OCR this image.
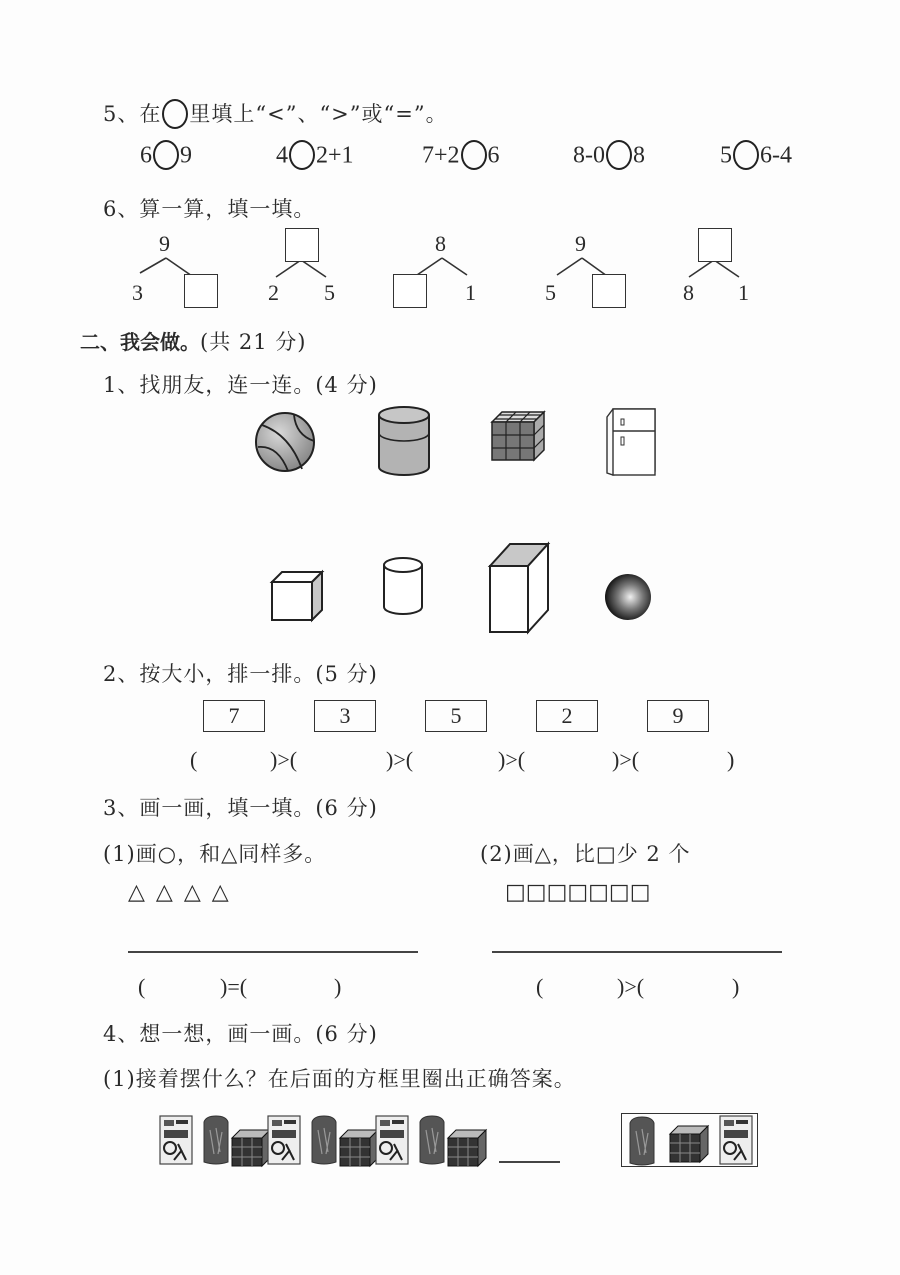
5、在 里填上“<”、“>”或“=”。
6 9	4 2+1	7+2 6	8-0 8	5 6-4
6、算一算，填一填。
9
3	2 5
8
1
9
5	8 1
二、我会做。(共 21 分)
1、找朋友，连一连。(4 分)
2、按大小，排一排。(5 分)
7	3	5	2	9
(	)>(	)>(	)>(	)>(	)
3、画一画，填一填。(6 分)
(1)画○，和△同样多。	(2)画△，比□少 2 个
△ △ △ △	□□□□□□□
(	)=(	)	(	)>(	)
4、想一想，画一画。(6 分)
(1)接着摆什么？在后面的方框里圈出正确答案。
